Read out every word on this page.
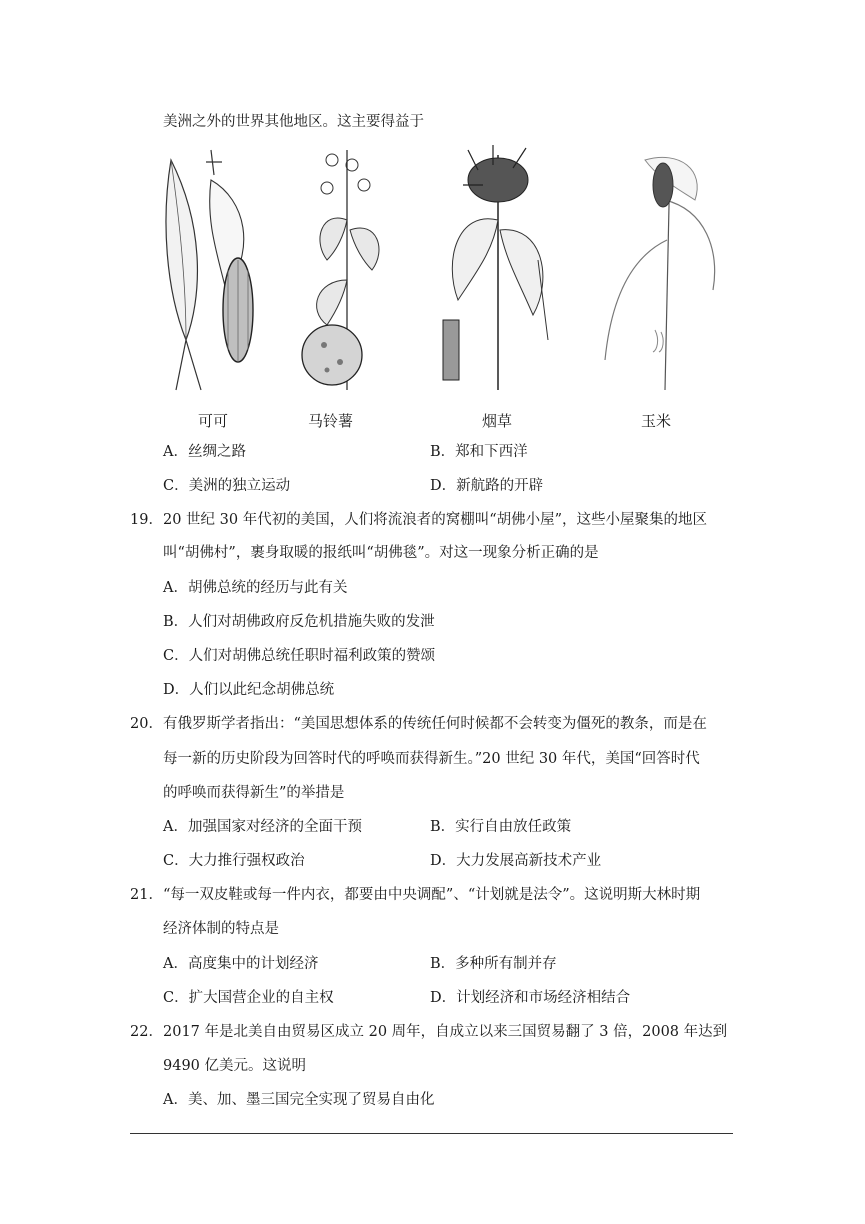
美洲之外的世界其他地区。这主要得益于
可可	马铃薯	烟草	玉米
A．丝绸之路	B．郑和下西洋
C．美洲的独立运动	D．新航路的开辟
19． 20 世纪 30 年代初的美国，人们将流浪者的窝棚叫“胡佛小屋”，这些小屋聚集的地区
叫“胡佛村”，裹身取暖的报纸叫“胡佛毯”。对这一现象分析正确的是
A．胡佛总统的经历与此有关
B．人们对胡佛政府反危机措施失败的发泄
C．人们对胡佛总统任职时福利政策的赞颂
D．人们以此纪念胡佛总统
20． 有俄罗斯学者指出：“美国思想体系的传统任何时候都不会转变为僵死的教条，而是在
每一新的历史阶段为回答时代的呼唤而获得新生。”20 世纪 30 年代，美国“回答时代
的呼唤而获得新生”的举措是
A．加强国家对经济的全面干预	B．实行自由放任政策
C．大力推行强权政治	D．大力发展高新技术产业
21． “每一双皮鞋或每一件内衣，都要由中央调配”、“计划就是法令”。这说明斯大林时期
经济体制的特点是
A．高度集中的计划经济	B．多种所有制并存
C．扩大国营企业的自主权	D．计划经济和市场经济相结合
22． 2017 年是北美自由贸易区成立 20 周年，自成立以来三国贸易翻了 3 倍，2008 年达到
9490 亿美元。这说明
A．美、加、墨三国完全实现了贸易自由化
